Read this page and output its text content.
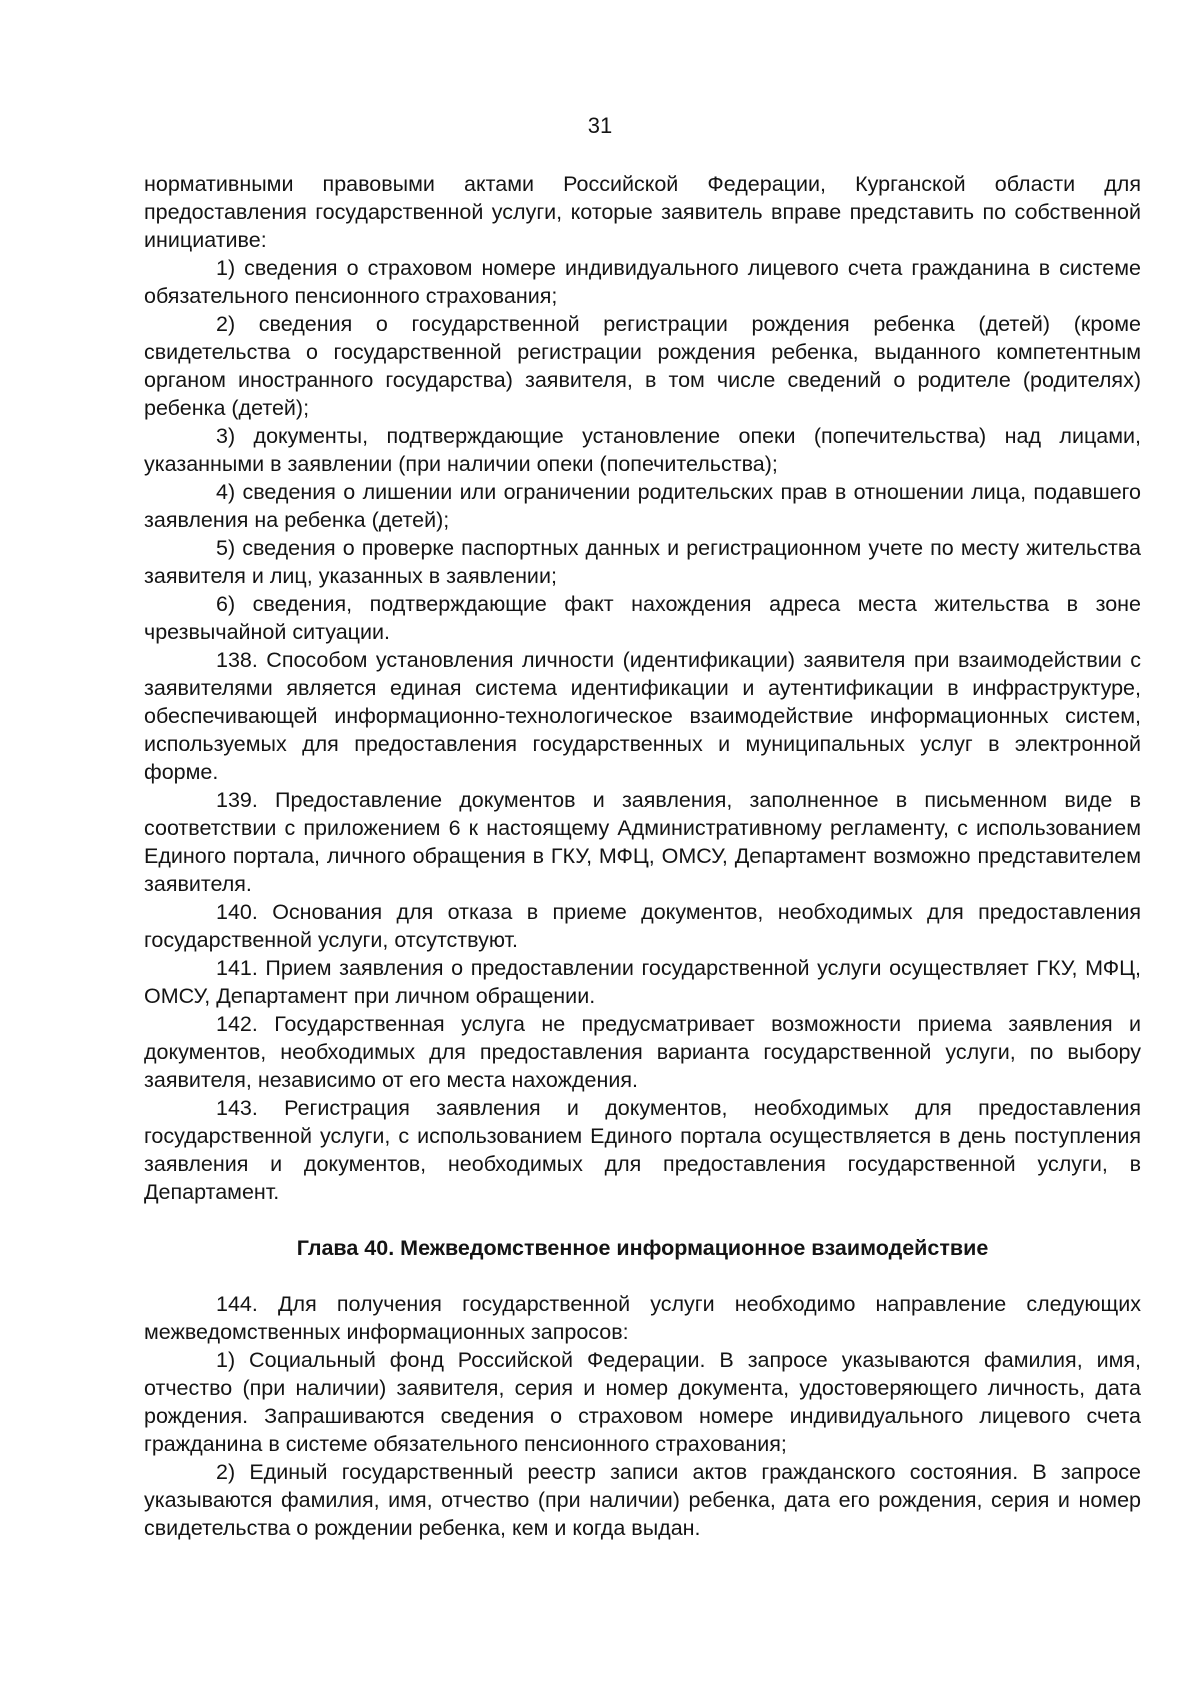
31

нормативными правовыми актами Российской Федерации, Курганской области для предоставления государственной услуги, которые заявитель вправе представить по собственной инициативе:

1) сведения о страховом номере индивидуального лицевого счета гражданина в системе обязательного пенсионного страхования;

2) сведения о государственной регистрации рождения ребенка (детей) (кроме свидетельства о государственной регистрации рождения ребенка, выданного компетентным органом иностранного государства) заявителя, в том числе сведений о родителе (родителях) ребенка (детей);

3) документы, подтверждающие установление опеки (попечительства) над лицами, указанными в заявлении (при наличии опеки (попечительства);

4) сведения о лишении или ограничении родительских прав в отношении лица, подавшего заявления на ребенка (детей);

5) сведения о проверке паспортных данных и регистрационном учете по месту жительства заявителя и лиц, указанных в заявлении;

6) сведения, подтверждающие факт нахождения адреса места жительства в зоне чрезвычайной ситуации.

138. Способом установления личности (идентификации) заявителя при взаимодействии с заявителями является единая система идентификации и аутентификации в инфраструктуре, обеспечивающей информационно-технологическое взаимодействие информационных систем, используемых для предоставления государственных и муниципальных услуг в электронной форме.

139. Предоставление документов и заявления, заполненное в письменном виде в соответствии с приложением 6 к настоящему Административному регламенту, с использованием Единого портала, личного обращения в ГКУ, МФЦ, ОМСУ, Департамент возможно представителем заявителя.

140. Основания для отказа в приеме документов, необходимых для предоставления государственной услуги, отсутствуют.

141. Прием заявления о предоставлении государственной услуги осуществляет ГКУ, МФЦ, ОМСУ, Департамент при личном обращении.

142. Государственная услуга не предусматривает возможности приема заявления и документов, необходимых для предоставления варианта государственной услуги, по выбору заявителя, независимо от его места нахождения.

143. Регистрация заявления и документов, необходимых для предоставления государственной услуги, с использованием Единого портала осуществляется в день поступления заявления и документов, необходимых для предоставления государственной услуги, в Департамент.

Глава 40. Межведомственное информационное взаимодействие

144. Для получения государственной услуги необходимо направление следующих межведомственных информационных запросов:

1) Социальный фонд Российской Федерации. В запросе указываются фамилия, имя, отчество (при наличии) заявителя, серия и номер документа, удостоверяющего личность, дата рождения. Запрашиваются сведения о страховом номере индивидуального лицевого счета гражданина в системе обязательного пенсионного страхования;

2) Единый государственный реестр записи актов гражданского состояния. В запросе указываются фамилия, имя, отчество (при наличии) ребенка, дата его рождения, серия и номер свидетельства о рождении ребенка, кем и когда выдан.
